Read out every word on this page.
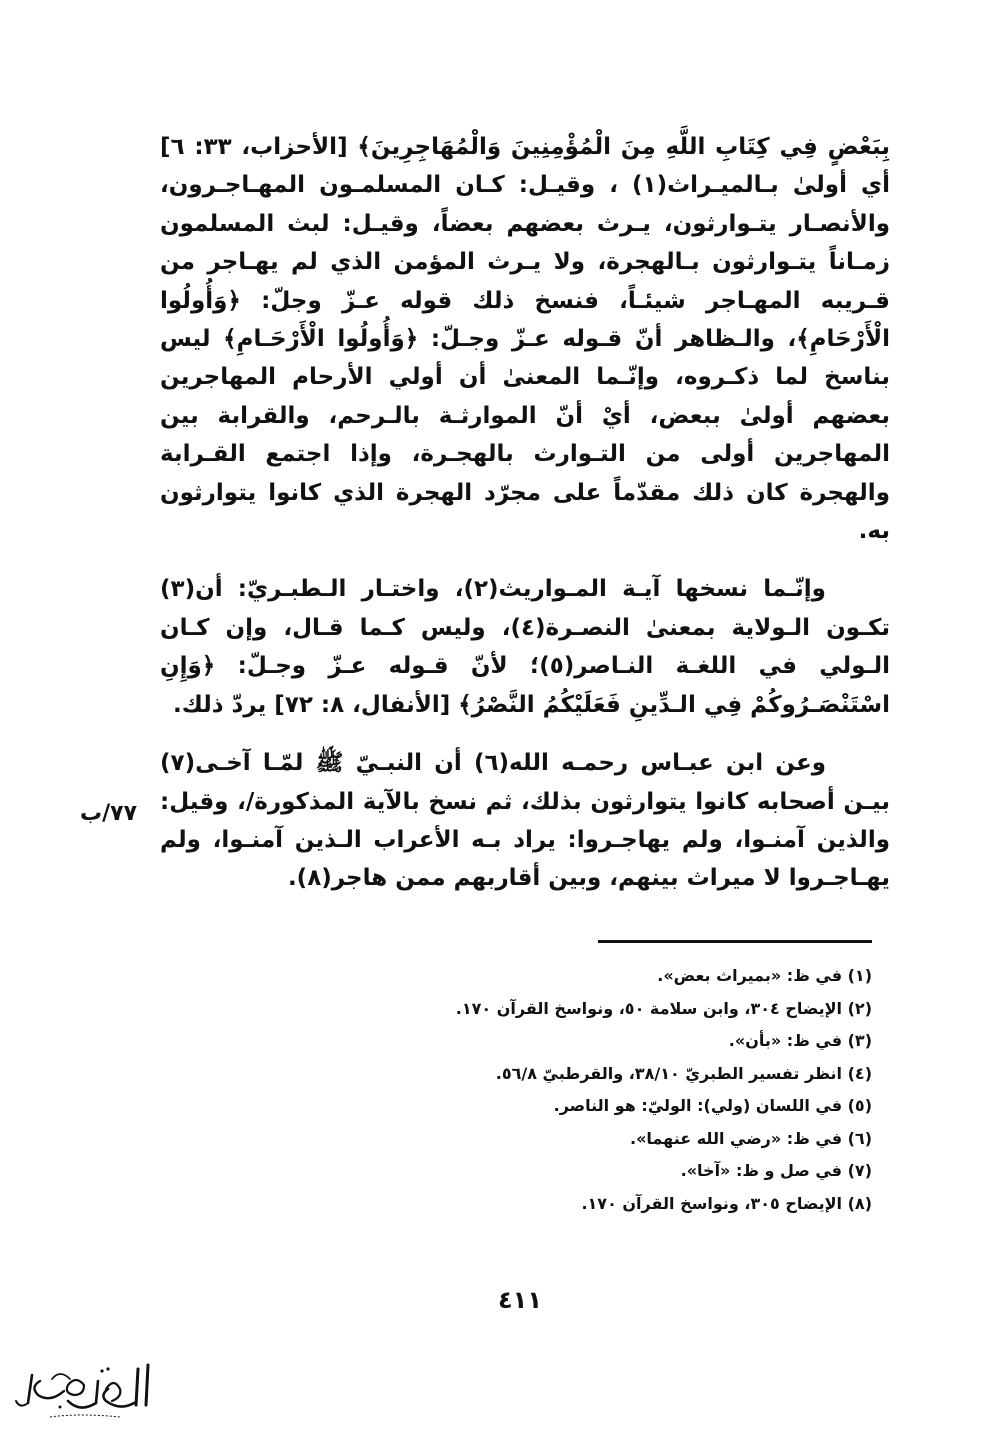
بِبَعْضٍ فِي كِتَابِ اللَّهِ مِنَ الْمُؤْمِنِينَ وَالْمُهَاجِرِينَ﴾ [الأحزاب، ٣٣: ٦] أي أولىٰ بـالميـراث(١) ، وقيـل: كـان المسلمـون المهـاجـرون، والأنصـار يتـوارثون، يـرث بعضهم بعضاً، وقيـل: لبث المسلمون زمـاناً يتـوارثون بـالهجرة، ولا يـرث المؤمن الذي لم يهـاجر من قـريبه المهـاجر شيئـاً، فنسخ ذلك قوله عـزّ وجلّ: ﴿وَأُولُوا الْأَرْحَامِ﴾، والـظاهر أنّ قـوله عـزّ وجـلّ: ﴿وَأُولُوا الْأَرْحَـامِ﴾ ليس بناسخ لما ذكـروه، وإنّـما المعنىٰ أن أولي الأرحام المهاجرين بعضهم أولىٰ ببعض، أيْ أنّ الموارثـة بالـرحم، والقرابة بين المهاجرين أولى من التـوارث بالهجـرة، وإذا اجتمع القـرابة والهجرة كان ذلك مقدّماً على مجرّد الهجرة الذي كانوا يتوارثون به.

وإنّـما نسخها آيـة المـواريث(٢)، واختـار الـطبـريّ: أن(٣) تكـون الـولاية بمعنىٰ النصـرة(٤)، وليس كـما قـال، وإن كـان الـولي في اللغـة النـاصر(٥)؛ لأنّ قـوله عـزّ وجـلّ: ﴿وَإِنِ اسْتَنْصَـرُوكُمْ فِي الـدِّينِ فَعَلَيْكُمُ النَّصْرُ﴾ [الأنفال، ٨: ٧٢] يردّ ذلك.

وعن ابن عبـاس رحمـه الله(٦) أن النبـيّ ﷺ لمّـا آخـى(٧) بيـن أصحابه كانوا يتوارثون بذلك، ثم نسخ بالآية المذكورة/، وقيل: والذين آمنـوا، ولم يهاجـروا: يراد بـه الأعراب الـذين آمنـوا، ولم يهـاجـروا لا ميراث بينهم، وبين أقاربهم ممن هاجر(٨).

٧٧/ب

(١) في ظ: «بميراث بعض».

(٢) الإيضاح ٣٠٤، وابن سلامة ٥٠، ونواسخ القرآن ١٧٠.

(٣) في ظ: «بأن».

(٤) انظر تفسير الطبريّ ٣٨/١٠، والقرطبيّ ٥٦/٨.

(٥) في اللسان (ولي): الوليّ: هو الناصر.

(٦) في ظ: «رضي الله عنهما».

(٧) في صل و ظ: «آخا».

(٨) الإيضاح ٣٠٥، ونواسخ القرآن ١٧٠.

٤١١
